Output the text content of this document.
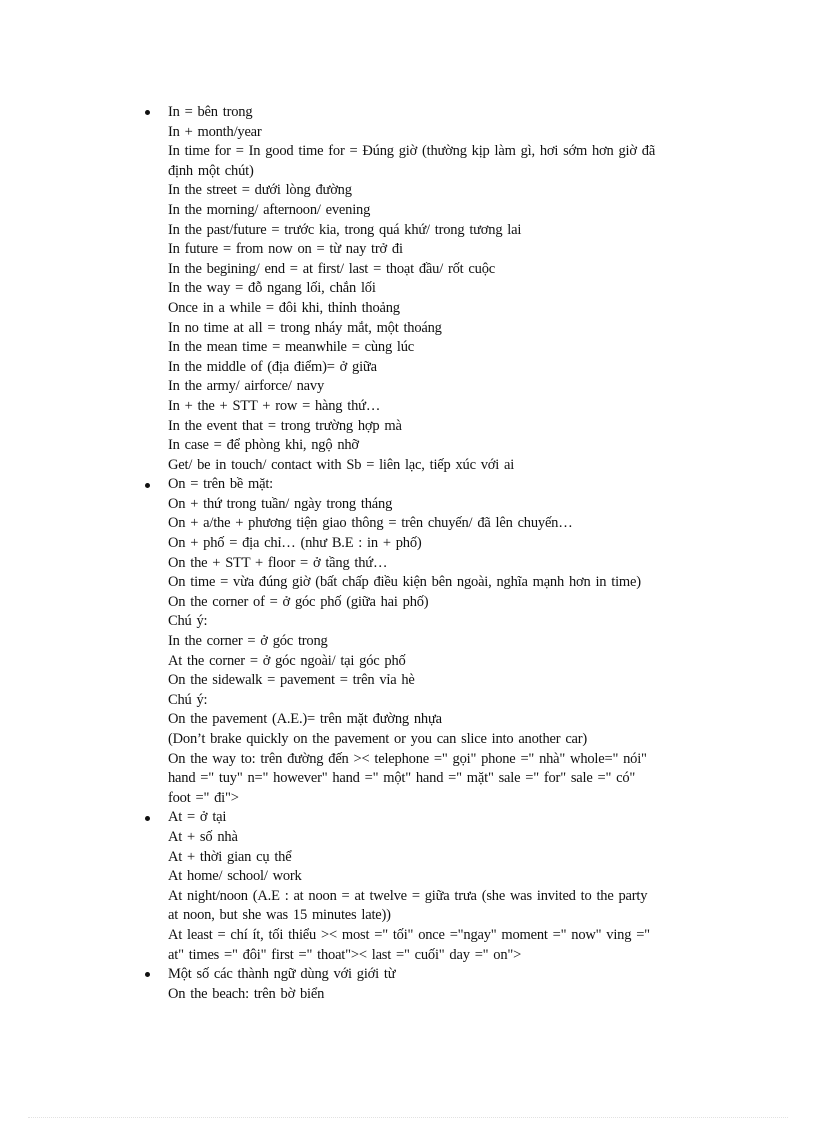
In = bên trong
In + month/year
In time for = In good time for = Đúng giờ (thường kịp làm gì, hơi sớm hơn giờ đã
định một chút)
In the street = dưới lòng đường
In the morning/ afternoon/ evening
In the past/future = trước kia, trong quá khứ/ trong tương lai
In future = from now on = từ nay trở đi
In the begining/ end = at first/ last = thoạt đầu/ rốt cuộc
In the way = đỗ ngang lối, chắn lối
Once in a while = đôi khi, thỉnh thoảng
In no time at all = trong nháy mắt, một thoáng
In the mean time = meanwhile = cùng lúc
In the middle of (địa điểm)= ở giữa
In the army/ airforce/ navy
In + the + STT + row = hàng thứ…
In the event that = trong trường hợp mà
In case = để phòng khi, ngộ nhỡ
Get/ be in touch/ contact with Sb = liên lạc, tiếp xúc với ai
On = trên bề mặt:
On + thứ trong tuần/ ngày trong tháng
On + a/the + phương tiện giao thông = trên chuyến/ đã lên chuyến…
On + phố = địa chỉ… (như B.E : in + phố)
On the + STT + floor = ở tầng thứ…
On time = vừa đúng giờ (bất chấp điều kiện bên ngoài, nghĩa mạnh hơn in time)
On the corner of = ở góc phố (giữa hai phố)
Chú ý:
In the corner = ở góc trong
At the corner = ở góc ngoài/ tại góc phố
On the sidewalk = pavement = trên vỉa hè
Chú ý:
On the pavement (A.E.)= trên mặt đường nhựa
(Don’t brake quickly on the pavement or you can slice into another car)
On the way to: trên đường đến >< telephone =" gọi" phone =" nhà" whole=" nói"
hand =" tuy" n=" however" hand =" một" hand =" mặt" sale =" for" sale =" có"
foot =" đi">
At = ở tại
At + số nhà
At + thời gian cụ thể
At home/ school/ work
At night/noon (A.E : at noon = at twelve = giữa trưa (she was invited to the party
at noon, but she was 15 minutes late))
At least = chí ít, tối thiểu >< most =" tối" once ="ngay" moment =" now" ving ="
at" times =" đôi" first =" thoat">< last =" cuối" day =" on">
Một số các thành ngữ dùng với giới từ
On the beach: trên bờ biển
